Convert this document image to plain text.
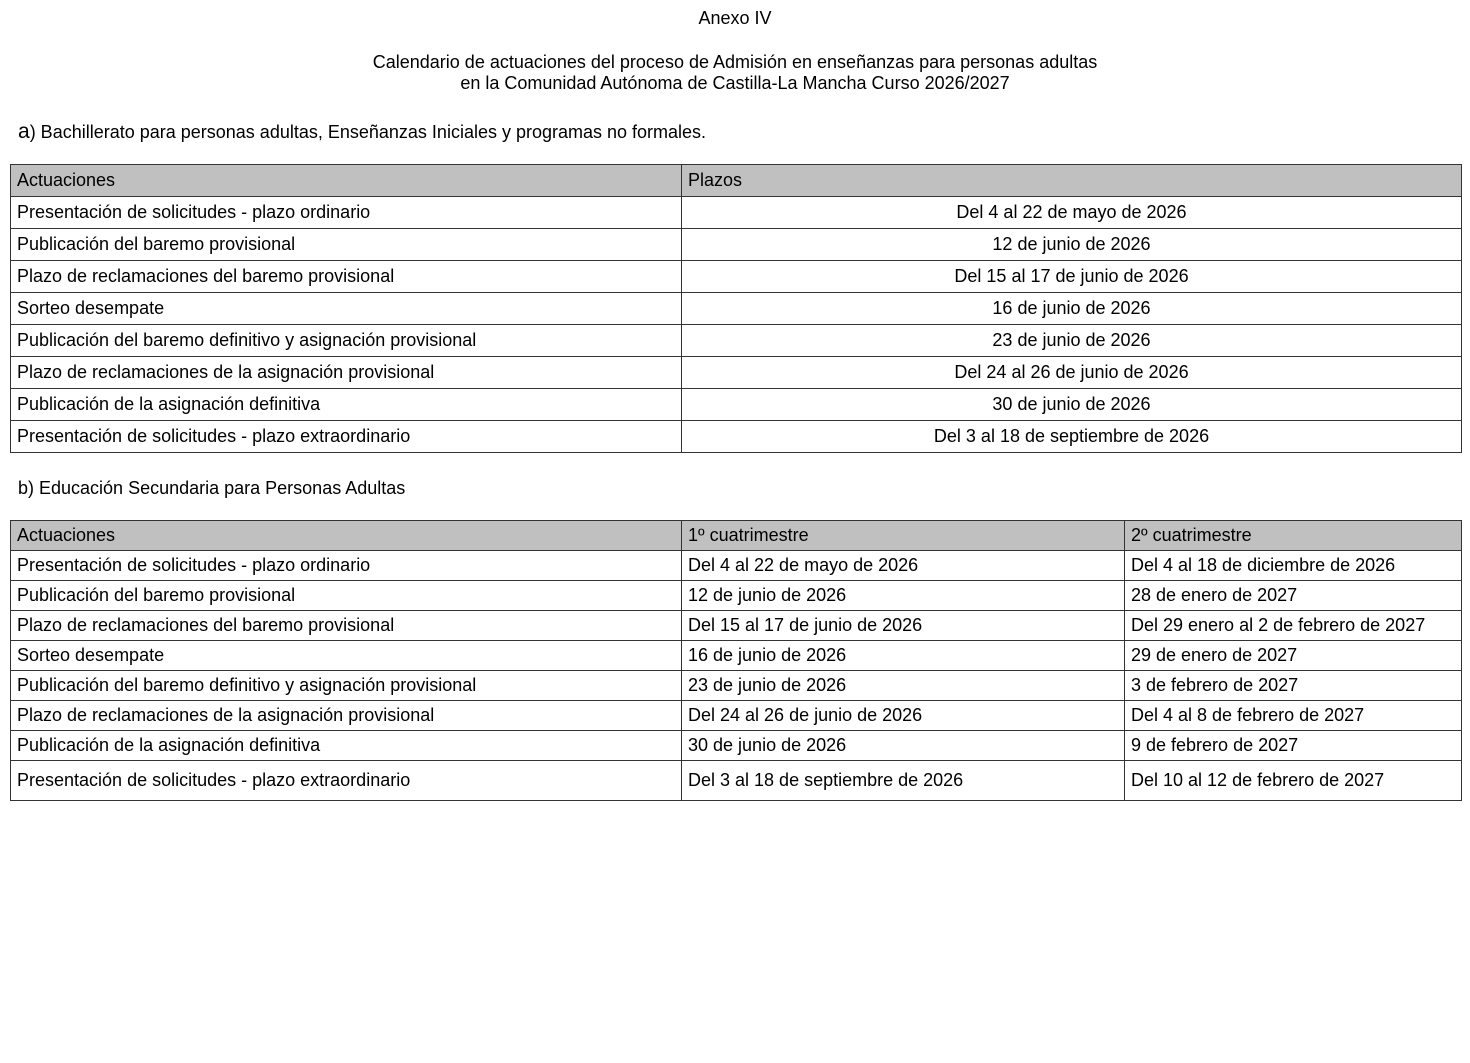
Anexo IV
Calendario de actuaciones del proceso de Admisión en enseñanzas para personas adultas
en la Comunidad Autónoma de Castilla-La Mancha Curso 2026/2027
a) Bachillerato para personas adultas, Enseñanzas Iniciales y programas no formales.
Actuaciones	Plazos
Presentación de solicitudes - plazo ordinario	Del 4 al 22 de mayo de 2026
Publicación del baremo provisional	12 de junio de 2026
Plazo de reclamaciones del baremo provisional	Del 15 al 17 de junio de 2026
Sorteo desempate	16 de junio de 2026
Publicación del baremo definitivo y asignación provisional	23 de junio de 2026
Plazo de reclamaciones de la asignación provisional	Del 24 al 26 de junio de 2026
Publicación de la asignación definitiva	30 de junio de 2026
Presentación de solicitudes - plazo extraordinario	Del 3 al 18 de septiembre de 2026
b) Educación Secundaria para Personas Adultas
Actuaciones	1º cuatrimestre	2º cuatrimestre
Presentación de solicitudes - plazo ordinario	Del 4 al 22 de mayo de 2026	Del 4 al 18 de diciembre de 2026
Publicación del baremo provisional	12 de junio de 2026	28 de enero de 2027
Plazo de reclamaciones del baremo provisional	Del 15 al 17 de junio de 2026	Del 29 enero al 2 de febrero de 2027
Sorteo desempate	16 de junio de 2026	29 de enero de 2027
Publicación del baremo definitivo y asignación provisional	23 de junio de 2026	3 de febrero de 2027
Plazo de reclamaciones de la asignación provisional	Del 24 al 26 de junio de 2026	Del 4 al 8 de febrero de 2027
Publicación de la asignación definitiva	30 de junio de 2026	9 de febrero de 2027
Presentación de solicitudes - plazo extraordinario	Del 3 al 18 de septiembre de 2026	Del 10 al 12 de febrero de 2027
